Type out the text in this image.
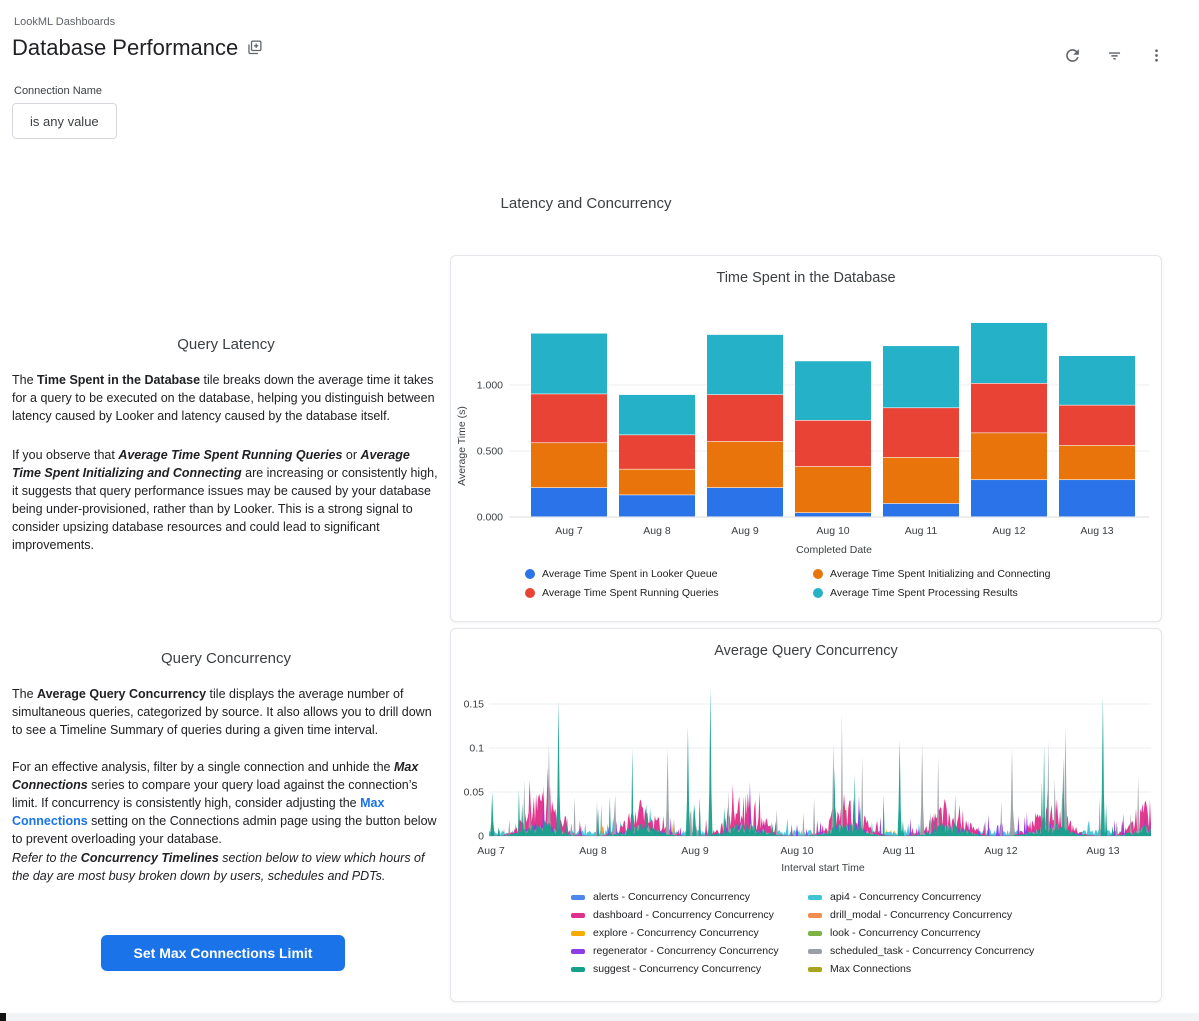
LookML Dashboards
Database Performance
Connection Name
is any value
Latency and Concurrency
Query Latency
The Time Spent in the Database tile breaks down the average time it takes for a query to be executed on the database, helping you distinguish between latency caused by Looker and latency caused by the database itself.
If you observe that Average Time Spent Running Queries or Average Time Spent Initializing and Connecting are increasing or consistently high, it suggests that query performance issues may be caused by your database being under-provisioned, rather than by Looker. This is a strong signal to consider upsizing database resources and could lead to significant improvements.
Query Concurrency
The Average Query Concurrency tile displays the average number of simultaneous queries, categorized by source. It also allows you to drill down to see a Timeline Summary of queries during a given time interval.
For an effective analysis, filter by a single connection and unhide the Max Connections series to compare your query load against the connection’s limit. If concurrency is consistently high, consider adjusting the Max Connections setting on the Connections admin page using the button below to prevent overloading your database.
Refer to the Concurrency Timelines section below to view which hours of the day are most busy broken down by users, schedules and PDTs.
Set Max Connections Limit
Time Spent in the Database
0.000
0.500
1.000
Aug 7	Aug 8	Aug 9	Aug 10	Aug 11	Aug 12	Aug 13
Completed Date
Average Time (s)
Average Time Spent in Looker Queue	Average Time Spent Initializing and Connecting
Average Time Spent Running Queries	Average Time Spent Processing Results
Average Query Concurrency
0
0.05
0.1
0.15
Aug 7	Aug 8	Aug 9	Aug 10	Aug 11	Aug 12	Aug 13
Interval start Time
alerts - Concurrency Concurrency	api4 - Concurrency Concurrency
dashboard - Concurrency Concurrency	drill_modal - Concurrency Concurrency
explore - Concurrency Concurrency	look - Concurrency Concurrency
regenerator - Concurrency Concurrency	scheduled_task - Concurrency Concurrency
suggest - Concurrency Concurrency	Max Connections
